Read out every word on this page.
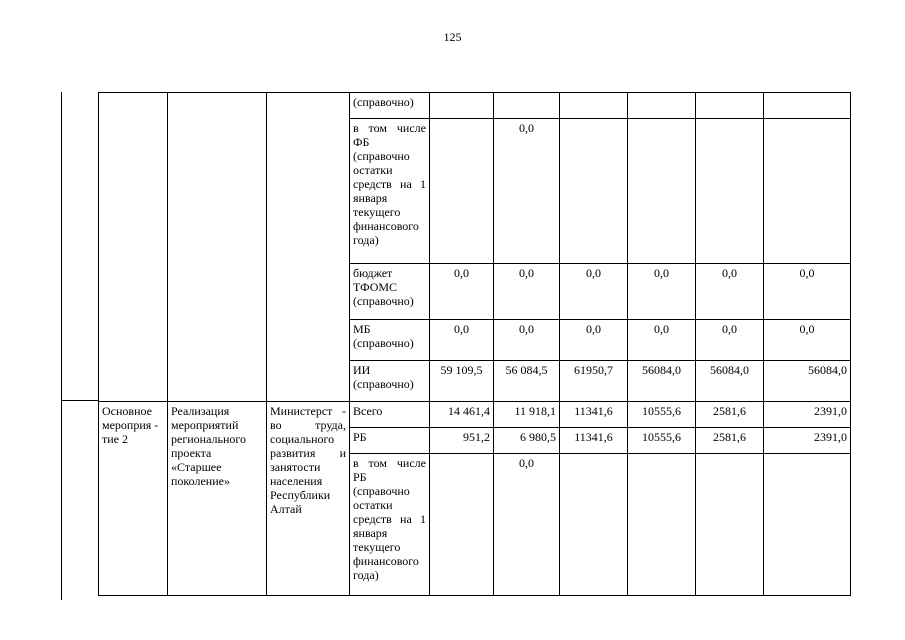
125
			(справочно)						
			в том числе ФБ (справочно остатки средств на 1 января текущего финансового года)		0,0				
			бюджет ТФОМС (справочно)	0,0	0,0	0,0	0,0	0,0	0,0
			МБ (справочно)	0,0	0,0	0,0	0,0	0,0	0,0
			ИИ (справочно)	59 109,5	56 084,5	61950,7	56084,0	56084,0	56084,0
Основное мероприя - тие 2	Реализация мероприятий регионального проекта «Старшее поколение»	Министерст - во труда, социального развития и занятости населения Республики Алтай	Всего	14 461,4	11 918,1	11341,6	10555,6	2581,6	2391,0
			РБ	951,2	6 980,5	11341,6	10555,6	2581,6	2391,0
			в том числе РБ (справочно остатки средств на 1 января текущего финансового года)		0,0				
